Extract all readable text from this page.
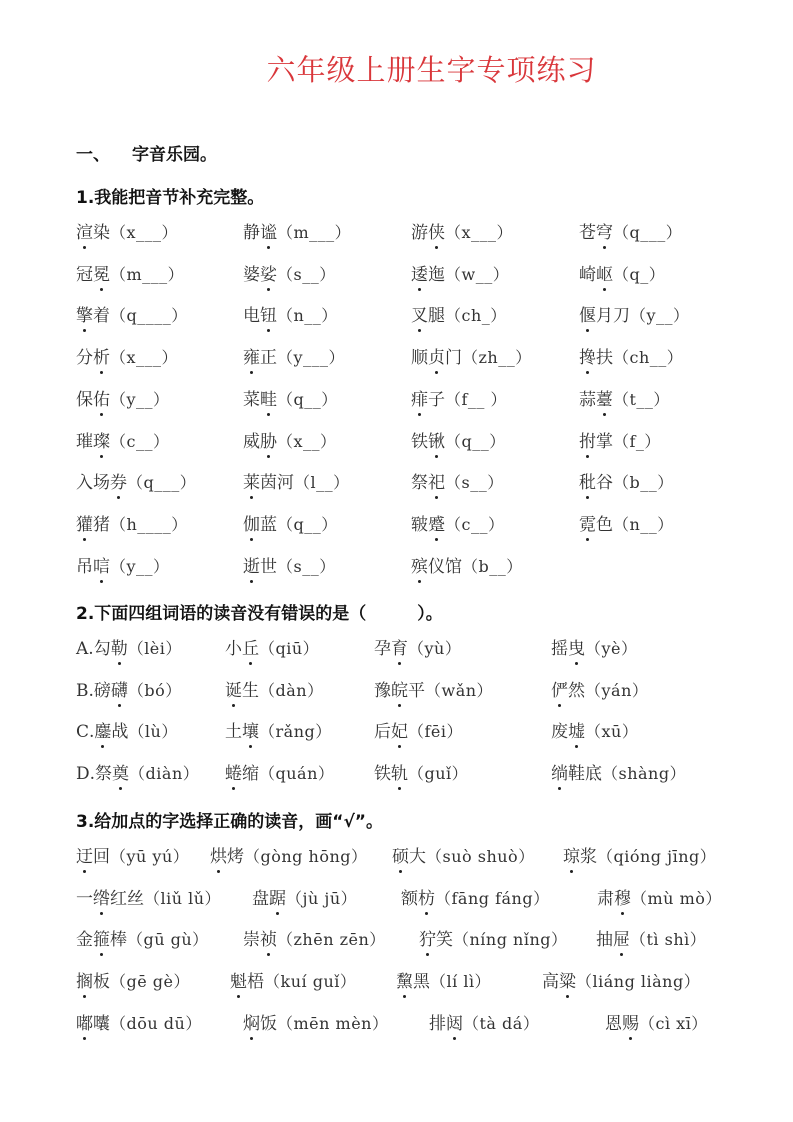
六年级上册生字专项练习
一、 字音乐园。
1.我能把音节补充完整。
渲染（x___）	静谧（m___）	游侠（x___）	苍穹（q___）
冠冕（m___）	婆娑（s__）	逶迤（w__）	崎岖（q_）
擎着（q____）	电钮（n__）	叉腿（ch_）	偃月刀（y__）
分析（x___）	雍正（y___）	顺贞门（zh__）	搀扶（ch__）
保佑（y__）	菜畦（q__）	痱子（f__ ）	蒜薹（t__）
璀璨（c__）	威胁（x__）	铁锹（q__）	拊掌（f_）
入场券（q___）	莱茵河（l__）	祭祀（s__）	秕谷（b__）
獾猪（h____）	伽蓝（q__）	皲蹙（c__）	霓色（n__）
吊唁（y__）	逝世（s__）	殡仪馆（b__）
2.下面四组词语的读音没有错误的是（　　　）。
A.勾勒（lèi）	小丘（qiū）	孕育（yù）	摇曳（yè）
B.磅礴（bó）	诞生（dàn）	豫皖平（wǎn）	俨然（yán）
C.鏖战（lù）	土壤（rǎng） 后妃（fēi）	废墟（xū）
D.祭奠（diàn） 蜷缩（quán） 铁轨（guǐ）	绱鞋底（shàng）
3.给加点的字选择正确的读音，画“√”。
迂回（yū yú） 烘烤（gòng hōng） 硕大（suò shuò） 琼浆（qióng jīng）
一绺红丝（liǔ lǔ） 盘踞（jù jū）	额枋（fāng fáng）	肃穆（mù mò）
金箍棒（gū gù） 崇祯（zhēn zēn） 狞笑（níng nǐng） 抽屉（tì shì）
搁板（gē gè） 魁梧（kuí guǐ） 黧黑（lí lì）	高粱（liáng liàng）
嘟囔（dōu dū） 焖饭（mēn mèn） 排闼（tà dá）	恩赐（cì xī）
